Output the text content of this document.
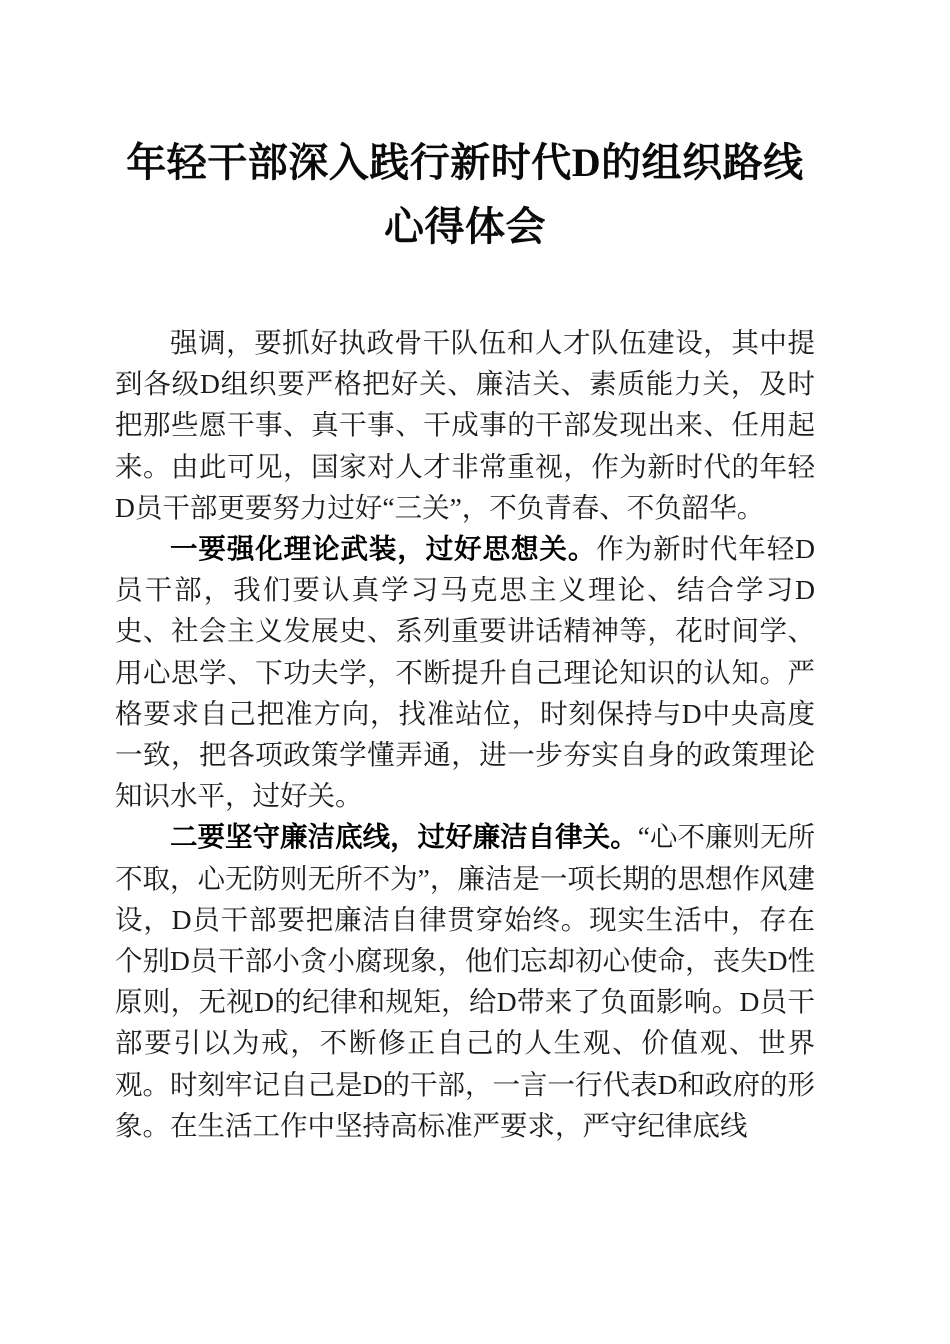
年轻干部深入践行新时代D的组织路线心得体会

强调，要抓好执政骨干队伍和人才队伍建设，其中提到各级D组织要严格把好关、廉洁关、素质能力关，及时把那些愿干事、真干事、干成事的干部发现出来、任用起来。由此可见，国家对人才非常重视，作为新时代的年轻D员干部更要努力过好“三关”，不负青春、不负韶华。

一要强化理论武装，过好思想关。作为新时代年轻D员干部，我们要认真学习马克思主义理论、结合学习D史、社会主义发展史、系列重要讲话精神等，花时间学、用心思学、下功夫学，不断提升自己理论知识的认知。严格要求自己把准方向，找准站位，时刻保持与D中央高度一致，把各项政策学懂弄通，进一步夯实自身的政策理论知识水平，过好关。

二要坚守廉洁底线，过好廉洁自律关。“心不廉则无所不取，心无防则无所不为”，廉洁是一项长期的思想作风建设，D员干部要把廉洁自律贯穿始终。现实生活中，存在个别D员干部小贪小腐现象，他们忘却初心使命，丧失D性原则，无视D的纪律和规矩，给D带来了负面影响。D员干部要引以为戒，不断修正自己的人生观、价值观、世界观。时刻牢记自己是D的干部，一言一行代表D和政府的形象。在生活工作中坚持高标准严要求，严守纪律底线
